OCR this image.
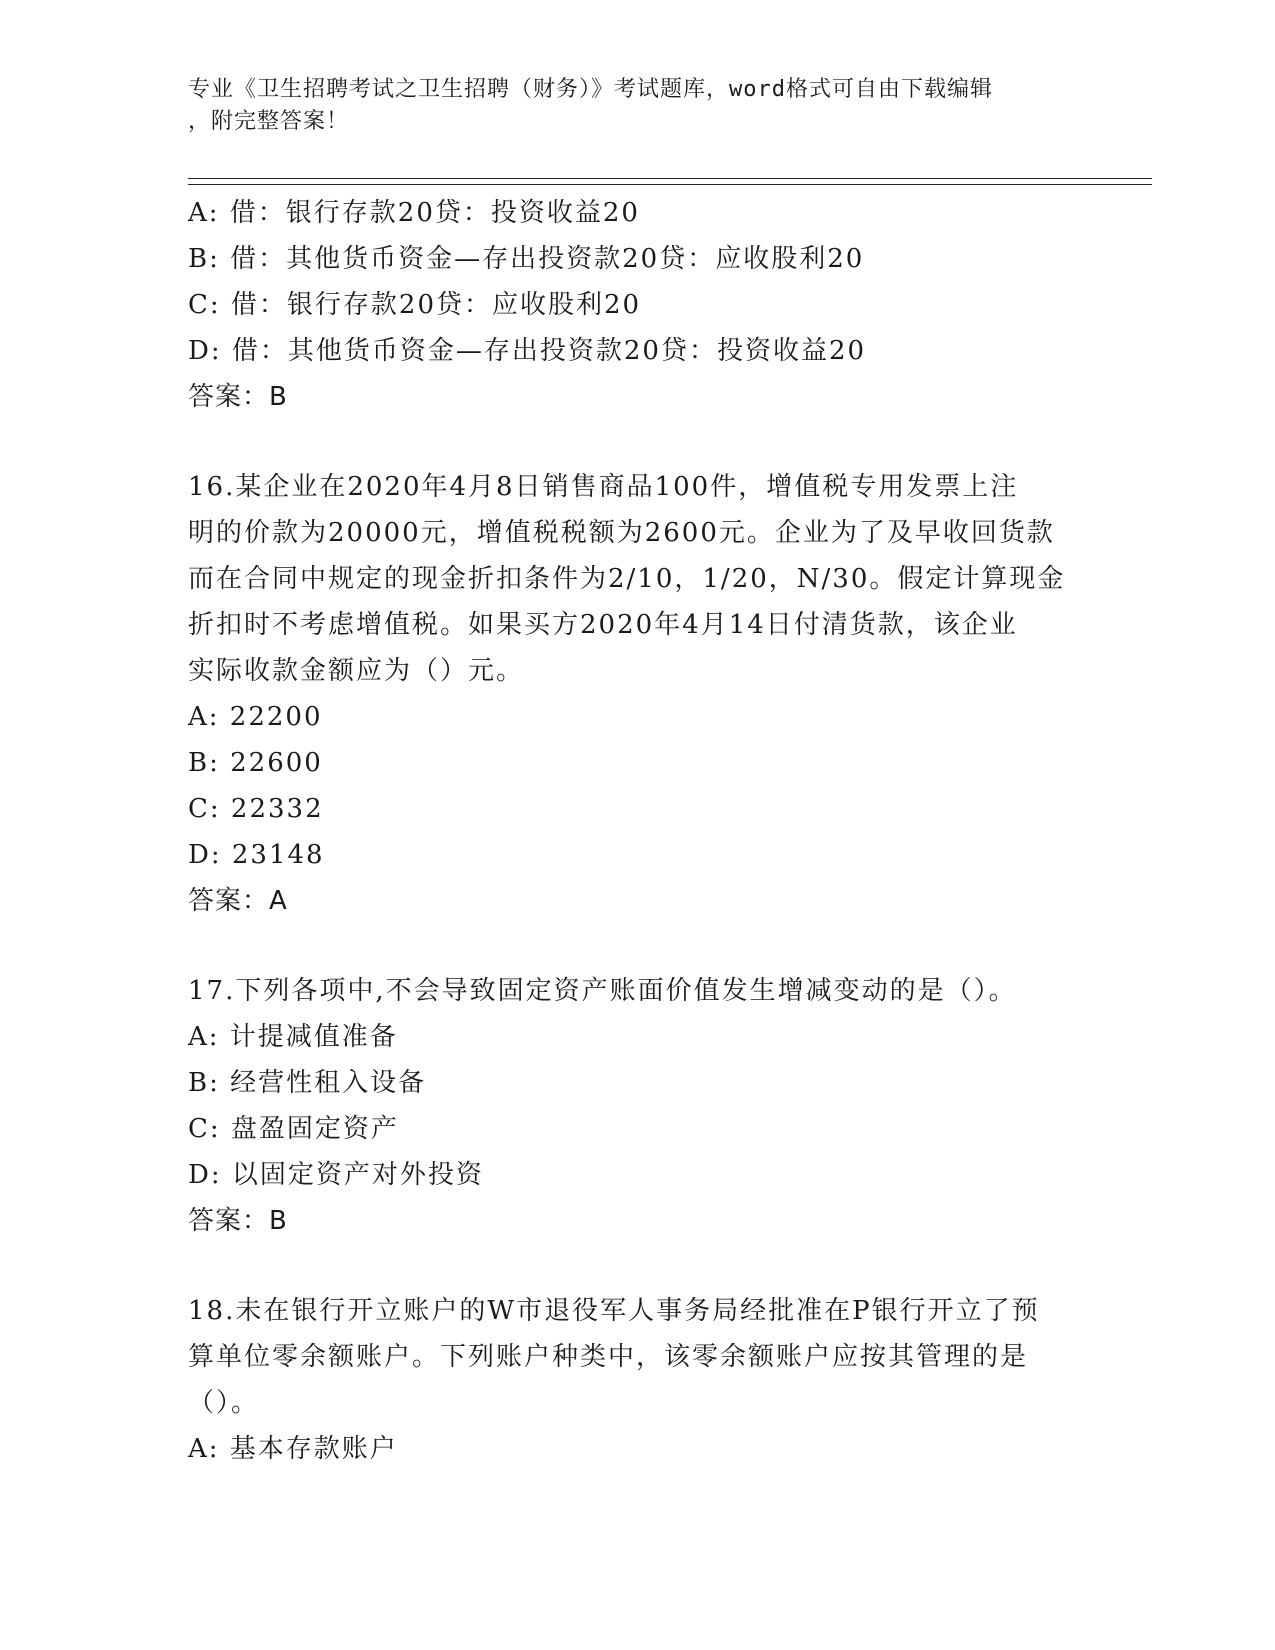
专业《卫生招聘考试之卫生招聘（财务）》考试题库，word格式可自由下载编辑
，附完整答案！
A: 借：银行存款20贷：投资收益20
B: 借：其他货币资金—存出投资款20贷：应收股利20
C: 借：银行存款20贷：应收股利20
D: 借：其他货币资金—存出投资款20贷：投资收益20
答案：B
16.某企业在2020年4月8日销售商品100件，增值税专用发票上注
明的价款为20000元，增值税税额为2600元。企业为了及早收回货款
而在合同中规定的现金折扣条件为2/10，1/20，N/30。假定计算现金
折扣时不考虑增值税。如果买方2020年4月14日付清货款，该企业
实际收款金额应为（）元。
A: 22200
B: 22600
C: 22332
D: 23148
答案：A
17.下列各项中,不会导致固定资产账面价值发生增减变动的是（）。
A: 计提减值准备
B: 经营性租入设备
C: 盘盈固定资产
D: 以固定资产对外投资
答案：B
18.未在银行开立账户的W市退役军人事务局经批准在P银行开立了预
算单位零余额账户。下列账户种类中，该零余额账户应按其管理的是
（）。
A: 基本存款账户
